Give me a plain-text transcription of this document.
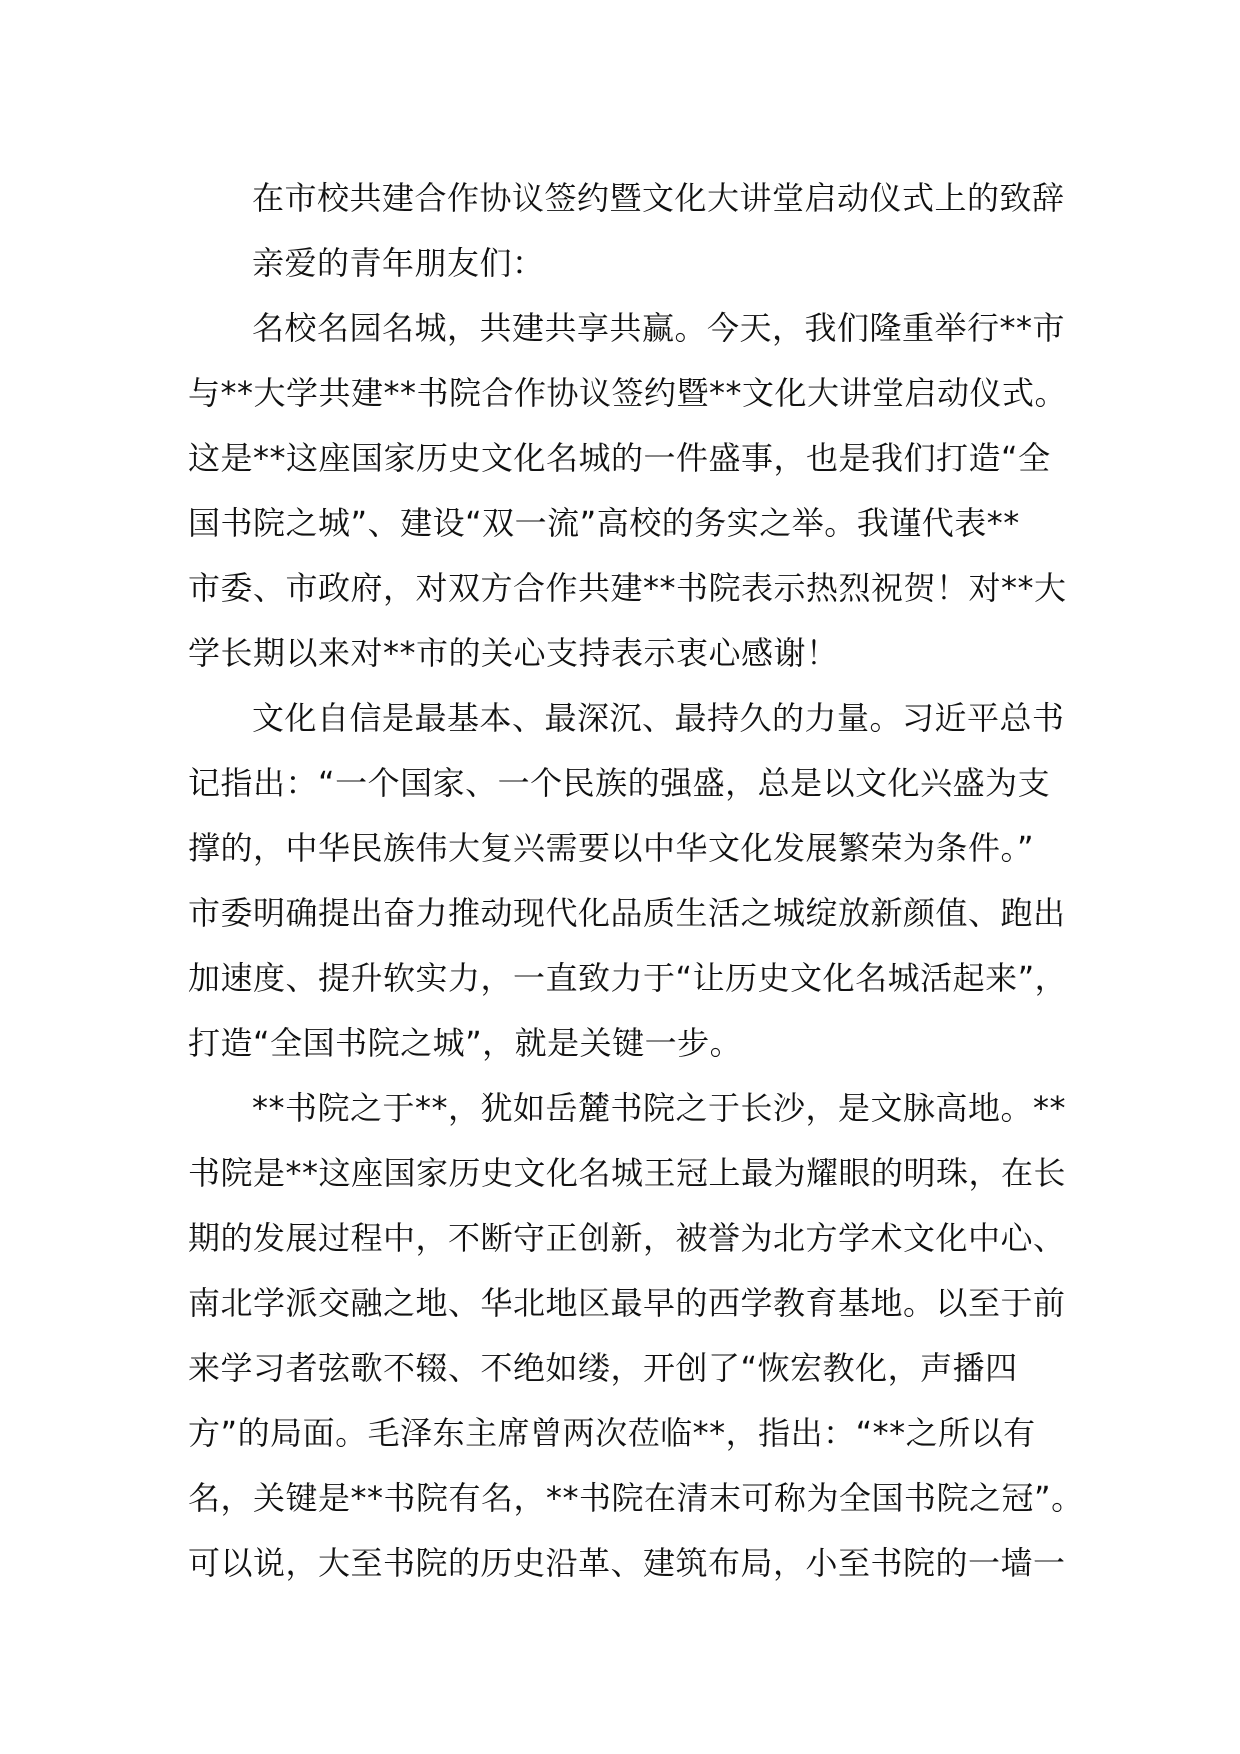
在市校共建合作协议签约暨文化大讲堂启动仪式上的致辞
亲爱的青年朋友们：
名校名园名城，共建共享共赢。今天，我们隆重举行**市
与**大学共建**书院合作协议签约暨**文化大讲堂启动仪式。
这是**这座国家历史文化名城的一件盛事，也是我们打造“全
国书院之城”、建设“双一流”高校的务实之举。我谨代表**
市委、市政府，对双方合作共建**书院表示热烈祝贺！对**大
学长期以来对**市的关心支持表示衷心感谢！
文化自信是最基本、最深沉、最持久的力量。习近平总书
记指出：“一个国家、一个民族的强盛，总是以文化兴盛为支
撑的，中华民族伟大复兴需要以中华文化发展繁荣为条件。”
市委明确提出奋力推动现代化品质生活之城绽放新颜值、跑出
加速度、提升软实力，一直致力于“让历史文化名城活起来”，
打造“全国书院之城”，就是关键一步。
**书院之于**，犹如岳麓书院之于长沙，是文脉高地。**
书院是**这座国家历史文化名城王冠上最为耀眼的明珠，在长
期的发展过程中，不断守正创新，被誉为北方学术文化中心、
南北学派交融之地、华北地区最早的西学教育基地。以至于前
来学习者弦歌不辍、不绝如缕，开创了“恢宏教化，声播四
方”的局面。毛泽东主席曾两次莅临**，指出：“**之所以有
名，关键是**书院有名，**书院在清末可称为全国书院之冠”。
可以说，大至书院的历史沿革、建筑布局，小至书院的一墙一
